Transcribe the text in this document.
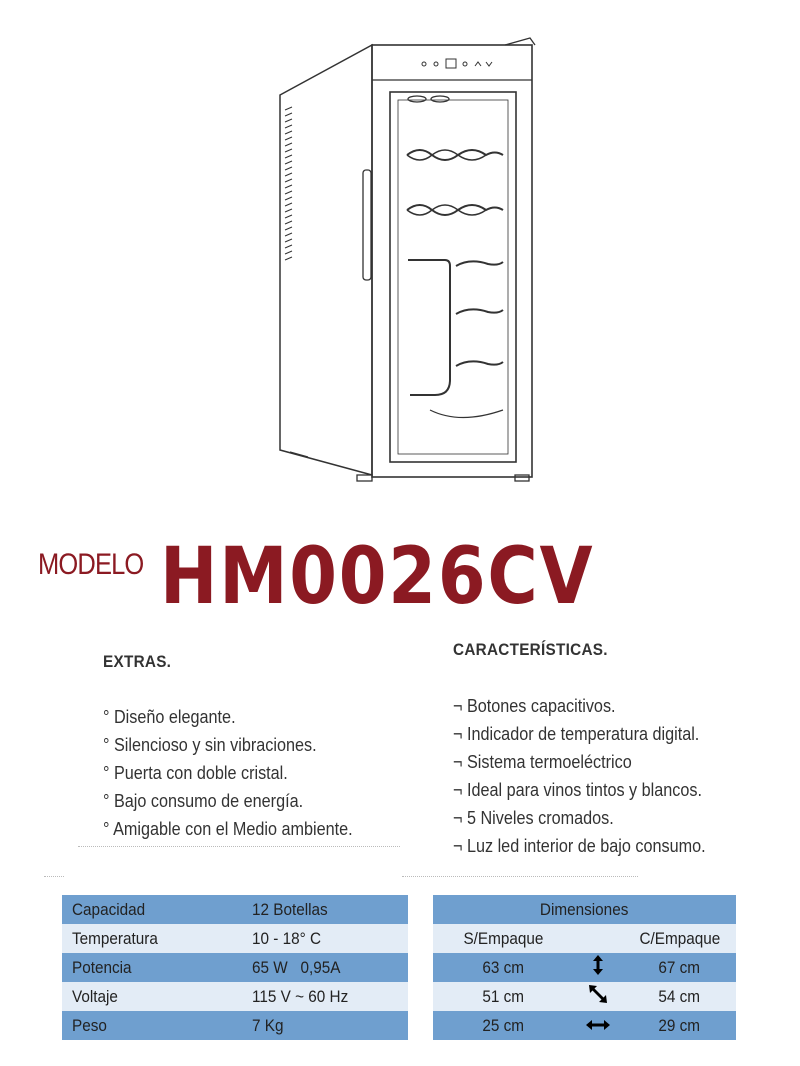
MODELO HM0026CV
EXTRAS.
° Diseño elegante.
° Silencioso y sin vibraciones.
° Puerta con doble cristal.
° Bajo consumo de energía.
° Amigable con el Medio ambiente.
CARACTERÍSTICAS.
¬ Botones capacitivos.
¬ Indicador de temperatura digital.
¬ Sistema termoeléctrico
¬ Ideal para vinos tintos y blancos.
¬ 5 Niveles cromados.
¬ Luz led interior de bajo consumo.
Capacidad	12 Botellas
Temperatura	10 - 18° C
Potencia	65 W   0,95A
Voltaje	115 V ~ 60 Hz
Peso	7 Kg
Dimensiones		
S/Empaque		C/Empaque
63 cm		67 cm
51 cm		54 cm
25 cm		29 cm
